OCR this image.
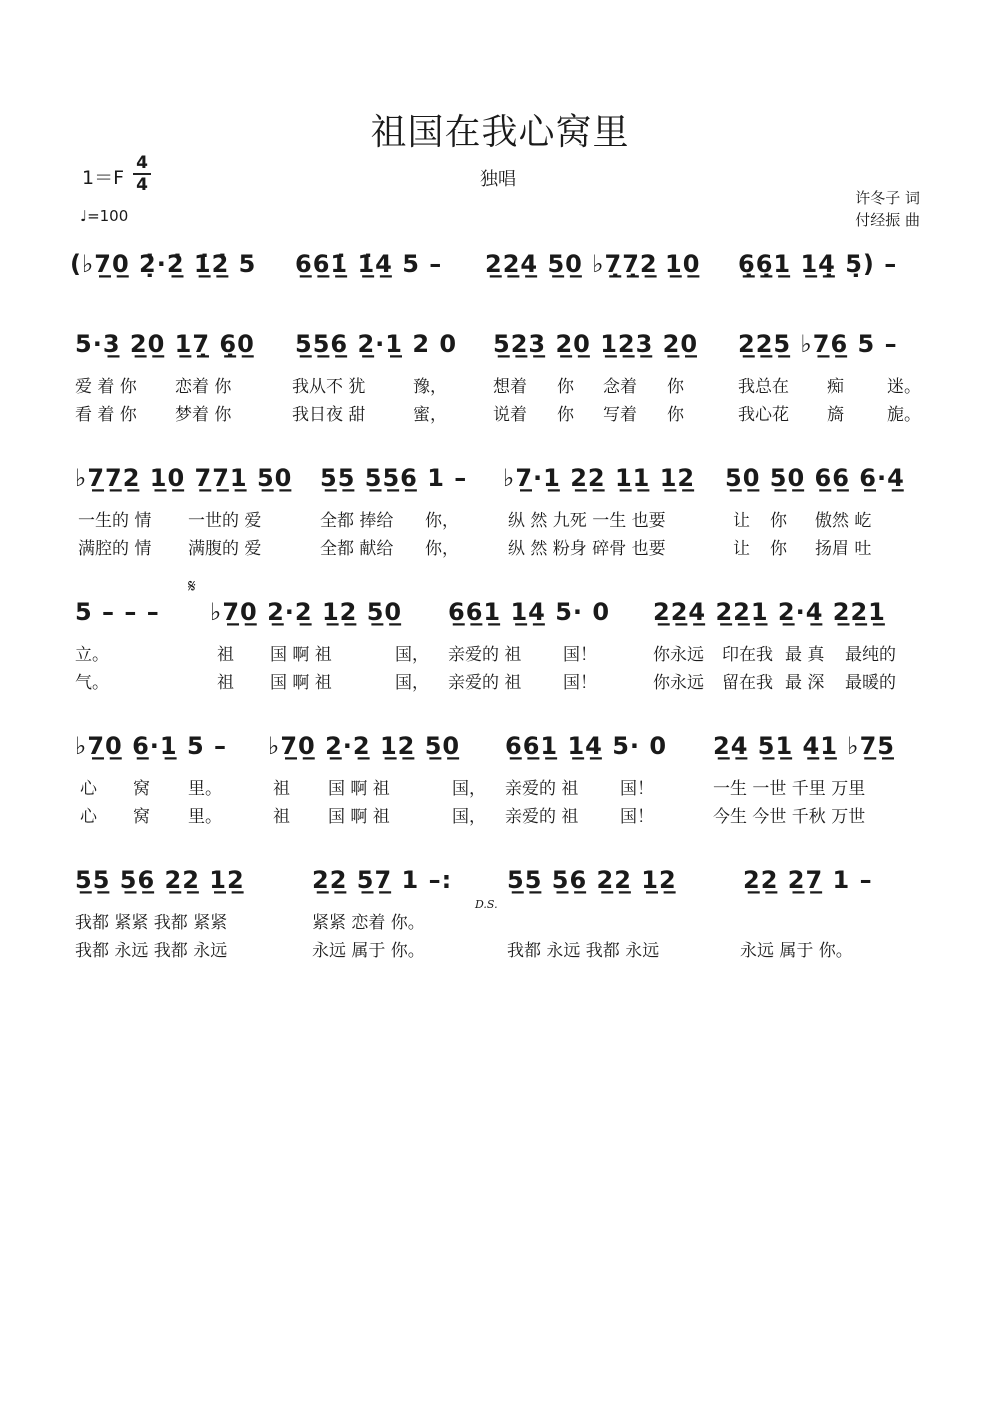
祖国在我心窝里
1＝F
4
4
♩=100
独唱
许冬子 词
付经振 曲
(♭7̲0̲ 2̣̇·2̲̇ 1̲̇2̲̇ 5 6̲6̲1̲̇ 1̲̇4̲ 5 – 2̲2̲4̲ 5̲0̲ ♭7̲̣7̲̣2̲ 1̲0̲ 6̲̣6̲̣1̲ 1̲4̲̣ 5̣) –
5·3̲ 2̲0̲ 1̲7̲̣ 6̲̣0̲ 5̲5̲6̲ 2̲·1̲ 2 0 5̲2̲3̲ 2̲0̲ 1̲2̲3̲ 2̲0̲ 2̲2̲5̲ ♭7̲6̲ 5 –
爱 着 你 恋着 你	我从不 犹	豫，	想着 你 念着 你	我总在 痴	迷。
看 着 你 梦着 你	我日夜 甜	蜜，	说着 你 写着 你	我心花 旖	旎。
♭7̲7̲2̲ 1̲0̲ 7̲7̲1̲ 5̲0̲ 5̲5̲ 5̲5̲6̲ 1 – ♭7̲·1̲ 2̲2̲ 1̲1̲ 1̲2̲ 5̲0̲ 5̲0̲ 6̲6̲ 6̲·4̲
一生的 情 一世的 爱	全都 捧给 你，	纵 然 九死 一生 也要	让 你 傲然 屹
满腔的 情 满腹的 爱	全都 献给 你，	纵 然 粉身 碎骨 也要	让 你 扬眉 吐
𝄋
5 – – – ♭7̲0̲ 2̲·2̲ 1̲2̲ 5̲0̲ 6̲6̲1̲ 1̲4̲ 5· 0 2̲2̲4̲ 2̲2̲1̲ 2̲·4̲ 2̲2̲1̲
立。	祖 国 啊 祖	国， 亲爱的 祖 国！	你永远 印在我 最 真 最纯的
气。	祖 国 啊 祖	国， 亲爱的 祖 国！	你永远 留在我 最 深 最暖的
♭7̲0̲ 6̲·1̲ 5 – ♭7̲0̲ 2̲·2̲ 1̲2̲ 5̲0̲ 6̲6̲1̲ 1̲4̲ 5· 0 2̲4̲ 5̲1̲ 4̲1̲ ♭7̲5̲
心 窝 里。	祖 国 啊 祖	国， 亲爱的 祖 国！	一生 一世 千里 万里
心 窝 里。	祖 国 啊 祖	国， 亲爱的 祖 国！	今生 今世 千秋 万世
5̲5̲ 5̲6̲ 2̲2̲ 1̲2̲	2̲2̲ 5̲7̲ 1 –: 5̲5̲ 5̲6̲ 2̲2̲ 1̲2̲	2̲2̲ 2̲7̲ 1 –
D.S.
我都 紧紧 我都 紧紧	紧紧 恋着 你。
我都 永远 我都 永远	永远 属于 你。	我都 永远 我都 永远	永远 属于 你。
